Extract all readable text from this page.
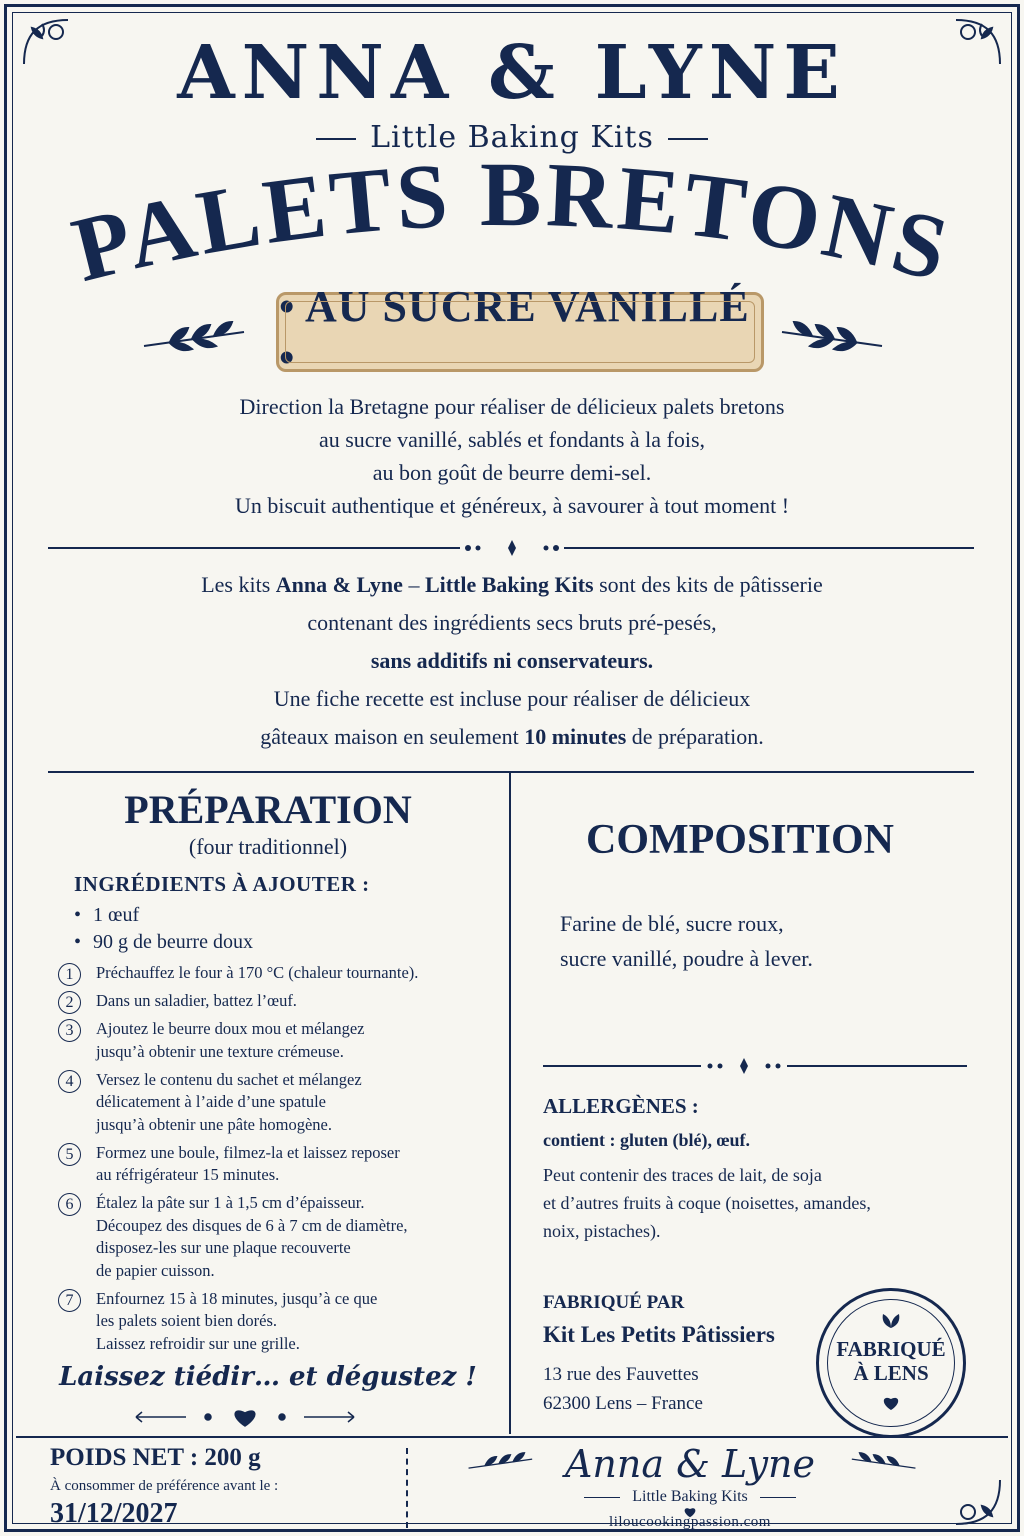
ANNA & LYNE
Little Baking Kits
PALETS BRETONS
• AU SUCRE VANILLÉ •
Direction la Bretagne pour réaliser de délicieux palets bretons
au sucre vanillé, sablés et fondants à la fois,
au bon goût de beurre demi-sel.
Un biscuit authentique et généreux, à savourer à tout moment !
Les kits Anna & Lyne – Little Baking Kits sont des kits de pâtisserie
contenant des ingrédients secs bruts pré-pesés,
sans additifs ni conservateurs.
Une fiche recette est incluse pour réaliser de délicieux
gâteaux maison en seulement 10 minutes de préparation.
PRÉPARATION
(four traditionnel)
INGRÉDIENTS À AJOUTER :
• 1 œuf
• 90 g de beurre doux
1	Préchauffez le four à 170 °C (chaleur tournante).
2	Dans un saladier, battez l’œuf.
3	Ajoutez le beurre doux mou et mélangez
jusqu’à obtenir une texture crémeuse.
4	Versez le contenu du sachet et mélangez
délicatement à l’aide d’une spatule
jusqu’à obtenir une pâte homogène.
5	Formez une boule, filmez-la et laissez reposer
au réfrigérateur 15 minutes.
6	Étalez la pâte sur 1 à 1,5 cm d’épaisseur.
Découpez des disques de 6 à 7 cm de diamètre,
disposez-les sur une plaque recouverte
de papier cuisson.
7	Enfournez 15 à 18 minutes, jusqu’à ce que
les palets soient bien dorés.
Laissez refroidir sur une grille.
Laissez tiédir… et dégustez !
COMPOSITION
Farine de blé, sucre roux,
sucre vanillé, poudre à lever.
ALLERGÈNES :
contient : gluten (blé), œuf.
Peut contenir des traces de lait, de soja
et d’autres fruits à coque (noisettes, amandes,
noix, pistaches).
FABRIQUÉ PAR
Kit Les Petits Pâtissiers
13 rue des Fauvettes
62300 Lens – France
FABRIQUÉ
À LENS
POIDS NET : 200 g
À consommer de préférence avant le :
31/12/2027
Anna & Lyne
Little Baking Kits
liloucookingpassion.com
